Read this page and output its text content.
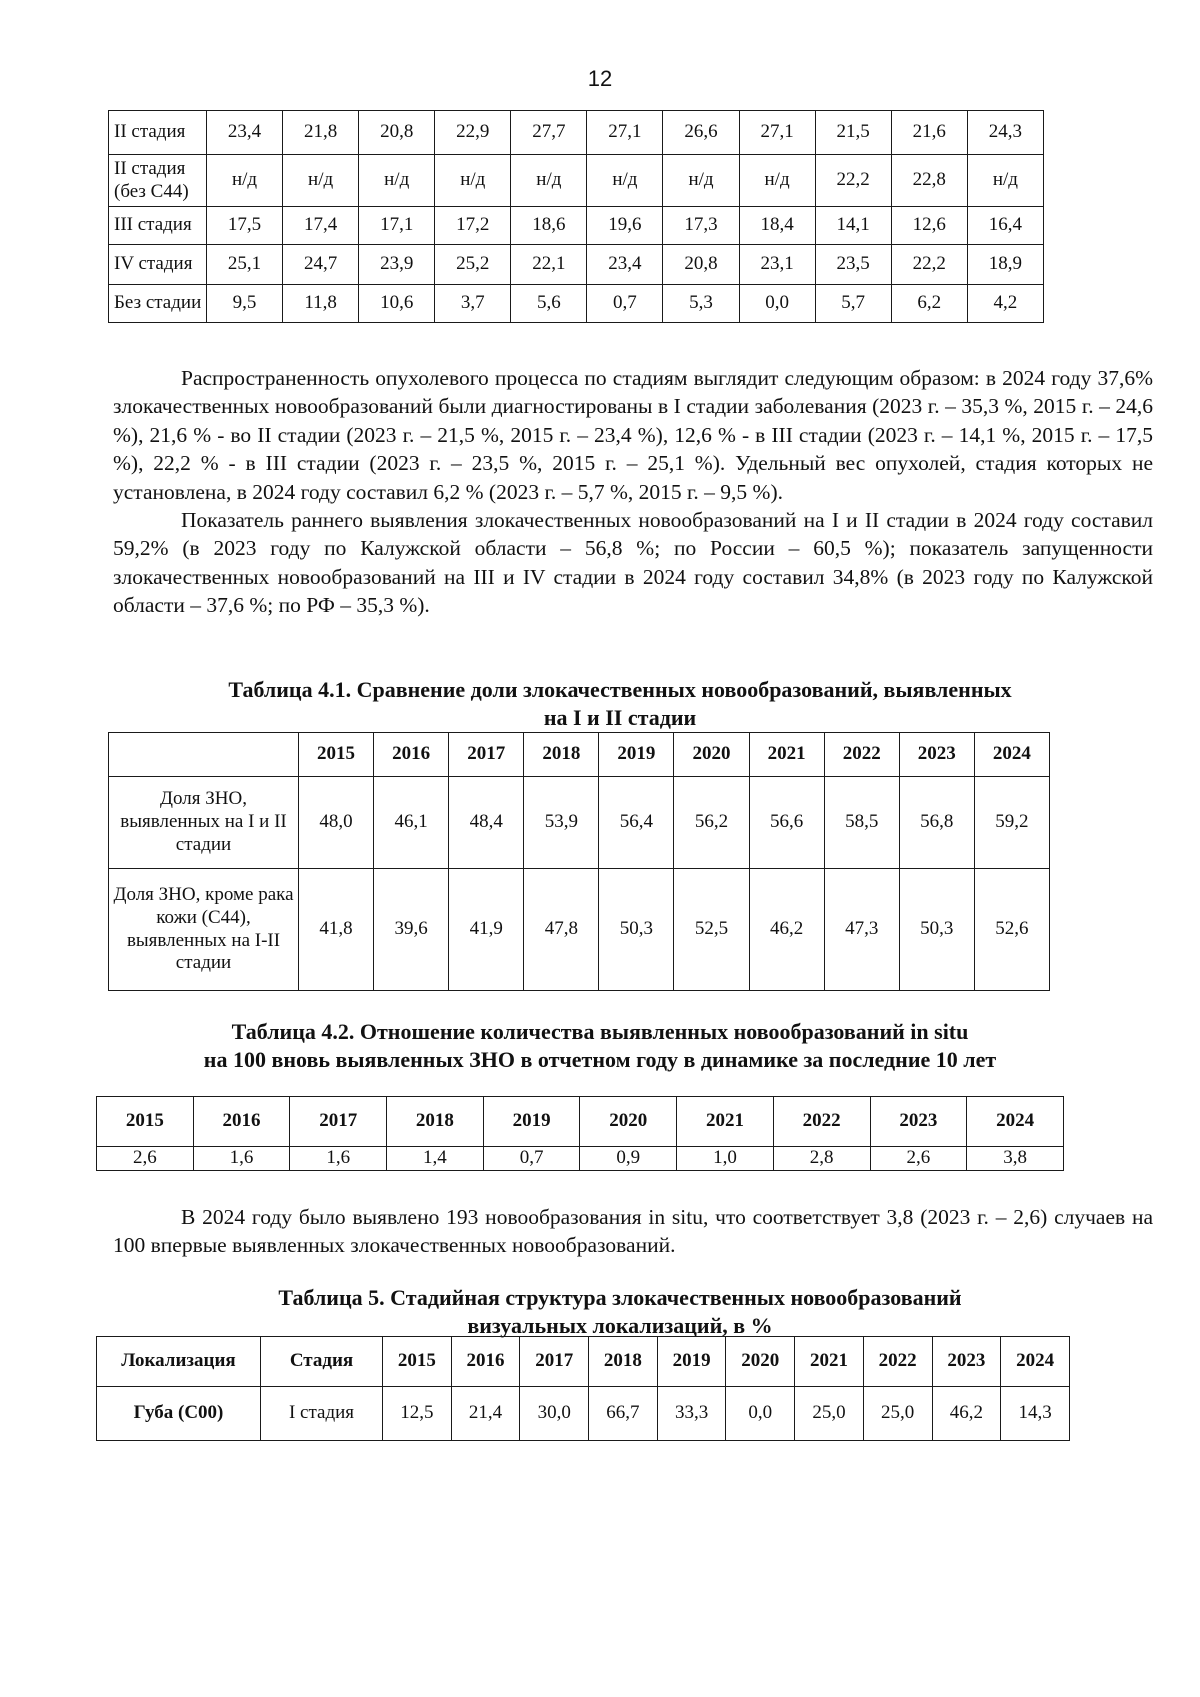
12
II стадия	23,4	21,8	20,8	22,9	27,7	27,1	26,6	27,1	21,5	21,6	24,3
II стадия (без С44)	н/д	н/д	н/д	н/д	н/д	н/д	н/д	н/д	22,2	22,8	н/д
III стадия	17,5	17,4	17,1	17,2	18,6	19,6	17,3	18,4	14,1	12,6	16,4
IV стадия	25,1	24,7	23,9	25,2	22,1	23,4	20,8	23,1	23,5	22,2	18,9
Без стадии	9,5	11,8	10,6	3,7	5,6	0,7	5,3	0,0	5,7	6,2	4,2

Распространенность опухолевого процесса по стадиям выглядит следующим образом: в 2024 году 37,6% злокачественных новообразований были диагностированы в I стадии заболевания (2023 г. – 35,3 %, 2015 г. – 24,6 %), 21,6 % - во II стадии (2023 г. – 21,5 %, 2015 г. – 23,4 %), 12,6 % - в III стадии (2023 г. – 14,1 %, 2015 г. – 17,5 %), 22,2 % - в III стадии (2023 г. – 23,5 %, 2015 г. – 25,1 %). Удельный вес опухолей, стадия которых не установлена, в 2024 году составил 6,2 % (2023 г. – 5,7 %, 2015 г. – 9,5 %).

Показатель раннего выявления злокачественных новообразований на I и II стадии в 2024 году составил 59,2% (в 2023 году по Калужской области – 56,8 %; по России – 60,5 %); показатель запущенности злокачественных новообразований на III и IV стадии в 2024 году составил 34,8% (в 2023 году по Калужской области – 37,6 %; по РФ – 35,3 %).

Таблица 4.1. Сравнение доли злокачественных новообразований, выявленных
на I и II стадии
	2015	2016	2017	2018	2019	2020	2021	2022	2023	2024
Доля ЗНО, выявленных на I и II стадии	48,0	46,1	48,4	53,9	56,4	56,2	56,6	58,5	56,8	59,2
Доля ЗНО, кроме рака кожи (С44), выявленных на I-II стадии	41,8	39,6	41,9	47,8	50,3	52,5	46,2	47,3	50,3	52,6
Таблица 4.2. Отношение количества выявленных новообразований in situ
на 100 вновь выявленных ЗНО в отчетном году в динамике за последние 10 лет
2015	2016	2017	2018	2019	2020	2021	2022	2023	2024
2,6	1,6	1,6	1,4	0,7	0,9	1,0	2,8	2,6	3,8

В 2024 году было выявлено 193 новообразования in situ, что соответствует 3,8 (2023 г. – 2,6) случаев на 100 впервые выявленных злокачественных новообразований.

Таблица 5. Стадийная структура злокачественных новообразований
визуальных локализаций, в %
Локализация	Стадия	2015	2016	2017	2018	2019	2020	2021	2022	2023	2024
Губа (С00)	I стадия	12,5	21,4	30,0	66,7	33,3	0,0	25,0	25,0	46,2	14,3
